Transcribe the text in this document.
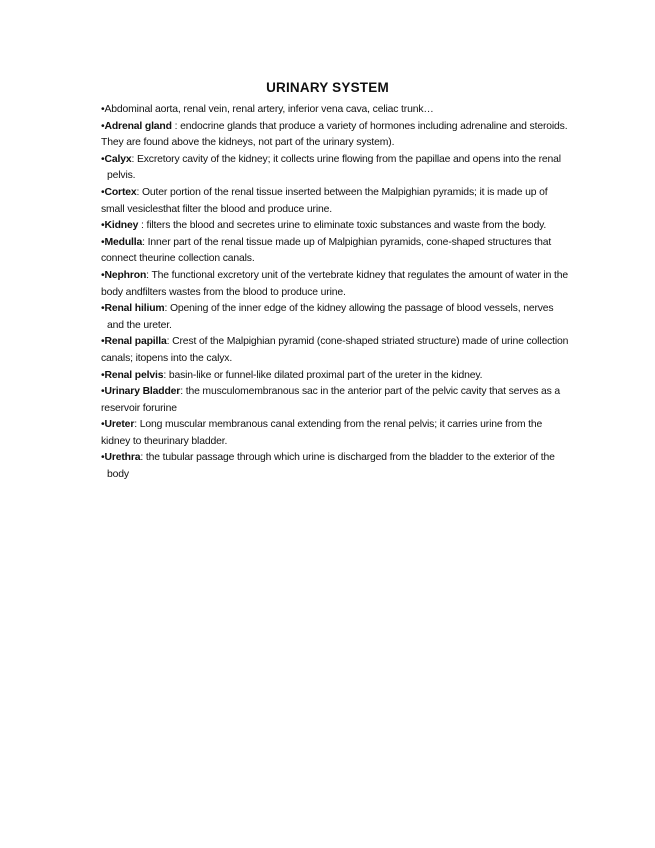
URINARY SYSTEM

•Abdominal aorta, renal vein, renal artery, inferior vena cava, celiac trunk…

•Adrenal gland : endocrine glands that produce a variety of hormones including adrenaline and steroids. They are found above the kidneys, not part of the urinary system).

•Calyx: Excretory cavity of the kidney; it collects urine flowing from the papillae and opens into the renal pelvis.

•Cortex: Outer portion of the renal tissue inserted between the Malpighian pyramids; it is made up of small vesiclesthat filter the blood and produce urine.

•Kidney : filters the blood and secretes urine to eliminate toxic substances and waste from the body.

•Medulla: Inner part of the renal tissue made up of Malpighian pyramids, cone-shaped structures that connect theurine collection canals.

•Nephron: The functional excretory unit of the vertebrate kidney that regulates the amount of water in the body andfilters wastes from the blood to produce urine.

•Renal hilium: Opening of the inner edge of the kidney allowing the passage of blood vessels, nerves and the ureter.

•Renal papilla: Crest of the Malpighian pyramid (cone-shaped striated structure) made of urine collection canals; itopens into the calyx.

•Renal pelvis: basin-like or funnel-like dilated proximal part of the ureter in the kidney.

•Urinary Bladder: the musculomembranous sac in the anterior part of the pelvic cavity that serves as a reservoir forurine

•Ureter: Long muscular membranous canal extending from the renal pelvis; it carries urine from the kidney to theurinary bladder.

•Urethra: the tubular passage through which urine is discharged from the bladder to the exterior of the body
